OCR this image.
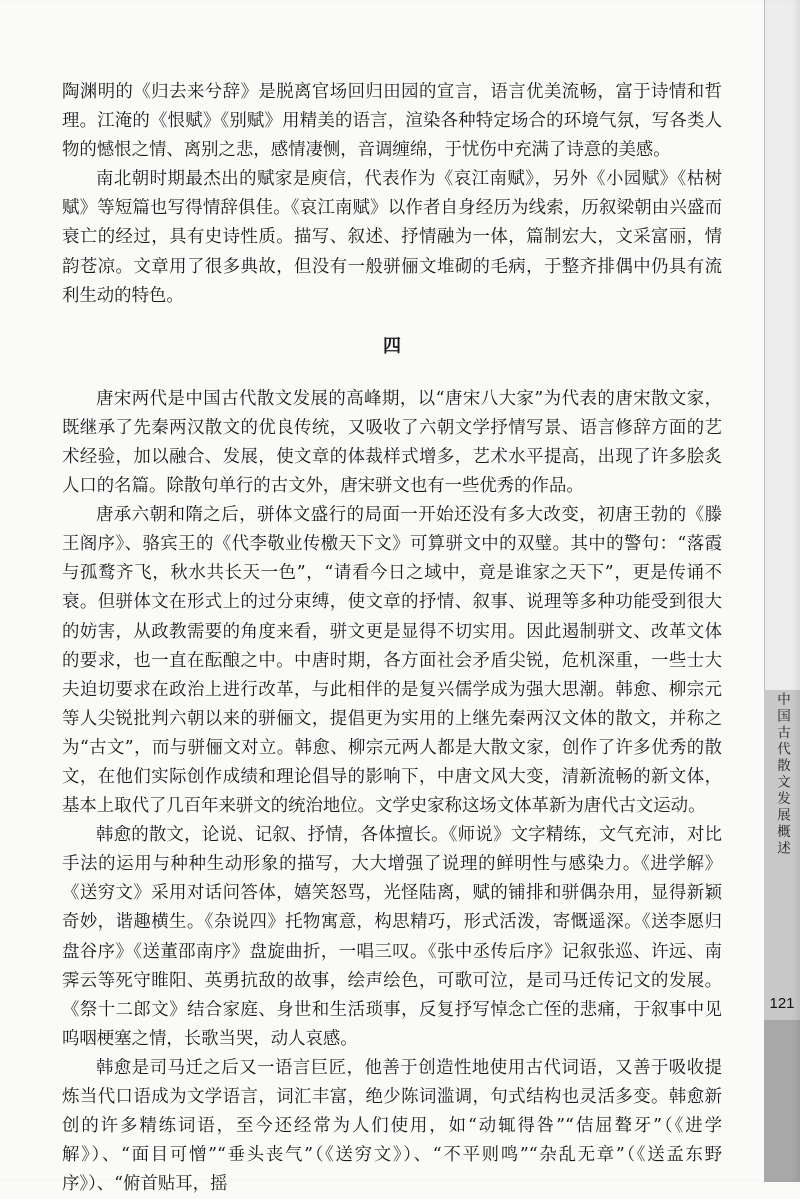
陶渊明的《归去来兮辞》是脱离官场回归田园的宣言，语言优美流畅，富于诗情和哲理。江淹的《恨赋》《别赋》用精美的语言，渲染各种特定场合的环境气氛，写各类人物的憾恨之情、离别之悲，感情凄恻，音调缠绵，于忧伤中充满了诗意的美感。

南北朝时期最杰出的赋家是庾信，代表作为《哀江南赋》，另外《小园赋》《枯树赋》等短篇也写得情辞俱佳。《哀江南赋》以作者自身经历为线索，历叙梁朝由兴盛而衰亡的经过，具有史诗性质。描写、叙述、抒情融为一体，篇制宏大，文采富丽，情韵苍凉。文章用了很多典故，但没有一般骈俪文堆砌的毛病，于整齐排偶中仍具有流利生动的特色。

四

唐宋两代是中国古代散文发展的高峰期，以“唐宋八大家”为代表的唐宋散文家，既继承了先秦两汉散文的优良传统，又吸收了六朝文学抒情写景、语言修辞方面的艺术经验，加以融合、发展，使文章的体裁样式增多，艺术水平提高，出现了许多脍炙人口的名篇。除散句单行的古文外，唐宋骈文也有一些优秀的作品。

唐承六朝和隋之后，骈体文盛行的局面一开始还没有多大改变，初唐王勃的《滕王阁序》、骆宾王的《代李敬业传檄天下文》可算骈文中的双璧。其中的警句：“落霞与孤鹜齐飞，秋水共长天一色”，“请看今日之域中，竟是谁家之天下”，更是传诵不衰。但骈体文在形式上的过分束缚，使文章的抒情、叙事、说理等多种功能受到很大的妨害，从政教需要的角度来看，骈文更是显得不切实用。因此遏制骈文、改革文体的要求，也一直在酝酿之中。中唐时期，各方面社会矛盾尖锐，危机深重，一些士大夫迫切要求在政治上进行改革，与此相伴的是复兴儒学成为强大思潮。韩愈、柳宗元等人尖锐批判六朝以来的骈俪文，提倡更为实用的上继先秦两汉文体的散文，并称之为“古文”，而与骈俪文对立。韩愈、柳宗元两人都是大散文家，创作了许多优秀的散文，在他们实际创作成绩和理论倡导的影响下，中唐文风大变，清新流畅的新文体，基本上取代了几百年来骈文的统治地位。文学史家称这场文体革新为唐代古文运动。

韩愈的散文，论说、记叙、抒情，各体擅长。《师说》文字精练，文气充沛，对比手法的运用与种种生动形象的描写，大大增强了说理的鲜明性与感染力。《进学解》《送穷文》采用对话问答体，嬉笑怒骂，光怪陆离，赋的铺排和骈偶杂用，显得新颖奇妙，谐趣横生。《杂说四》托物寓意，构思精巧，形式活泼，寄慨遥深。《送李愿归盘谷序》《送董邵南序》盘旋曲折，一唱三叹。《张中丞传后序》记叙张巡、许远、南霁云等死守睢阳、英勇抗敌的故事，绘声绘色，可歌可泣，是司马迁传记文的发展。《祭十二郎文》结合家庭、身世和生活琐事，反复抒写悼念亡侄的悲痛，于叙事中见呜咽梗塞之情，长歌当哭，动人哀感。

韩愈是司马迁之后又一语言巨匠，他善于创造性地使用古代词语，又善于吸收提炼当代口语成为文学语言，词汇丰富，绝少陈词滥调，句式结构也灵活多变。韩愈新创的许多精练词语，至今还经常为人们使用，如“动辄得咎”“佶屈聱牙”（《进学解》）、“面目可憎”“垂头丧气”（《送穷文》）、“不平则鸣”“杂乱无章”（《送孟东野序》）、“俯首贴耳，摇

中国古代散文发展概述
121
